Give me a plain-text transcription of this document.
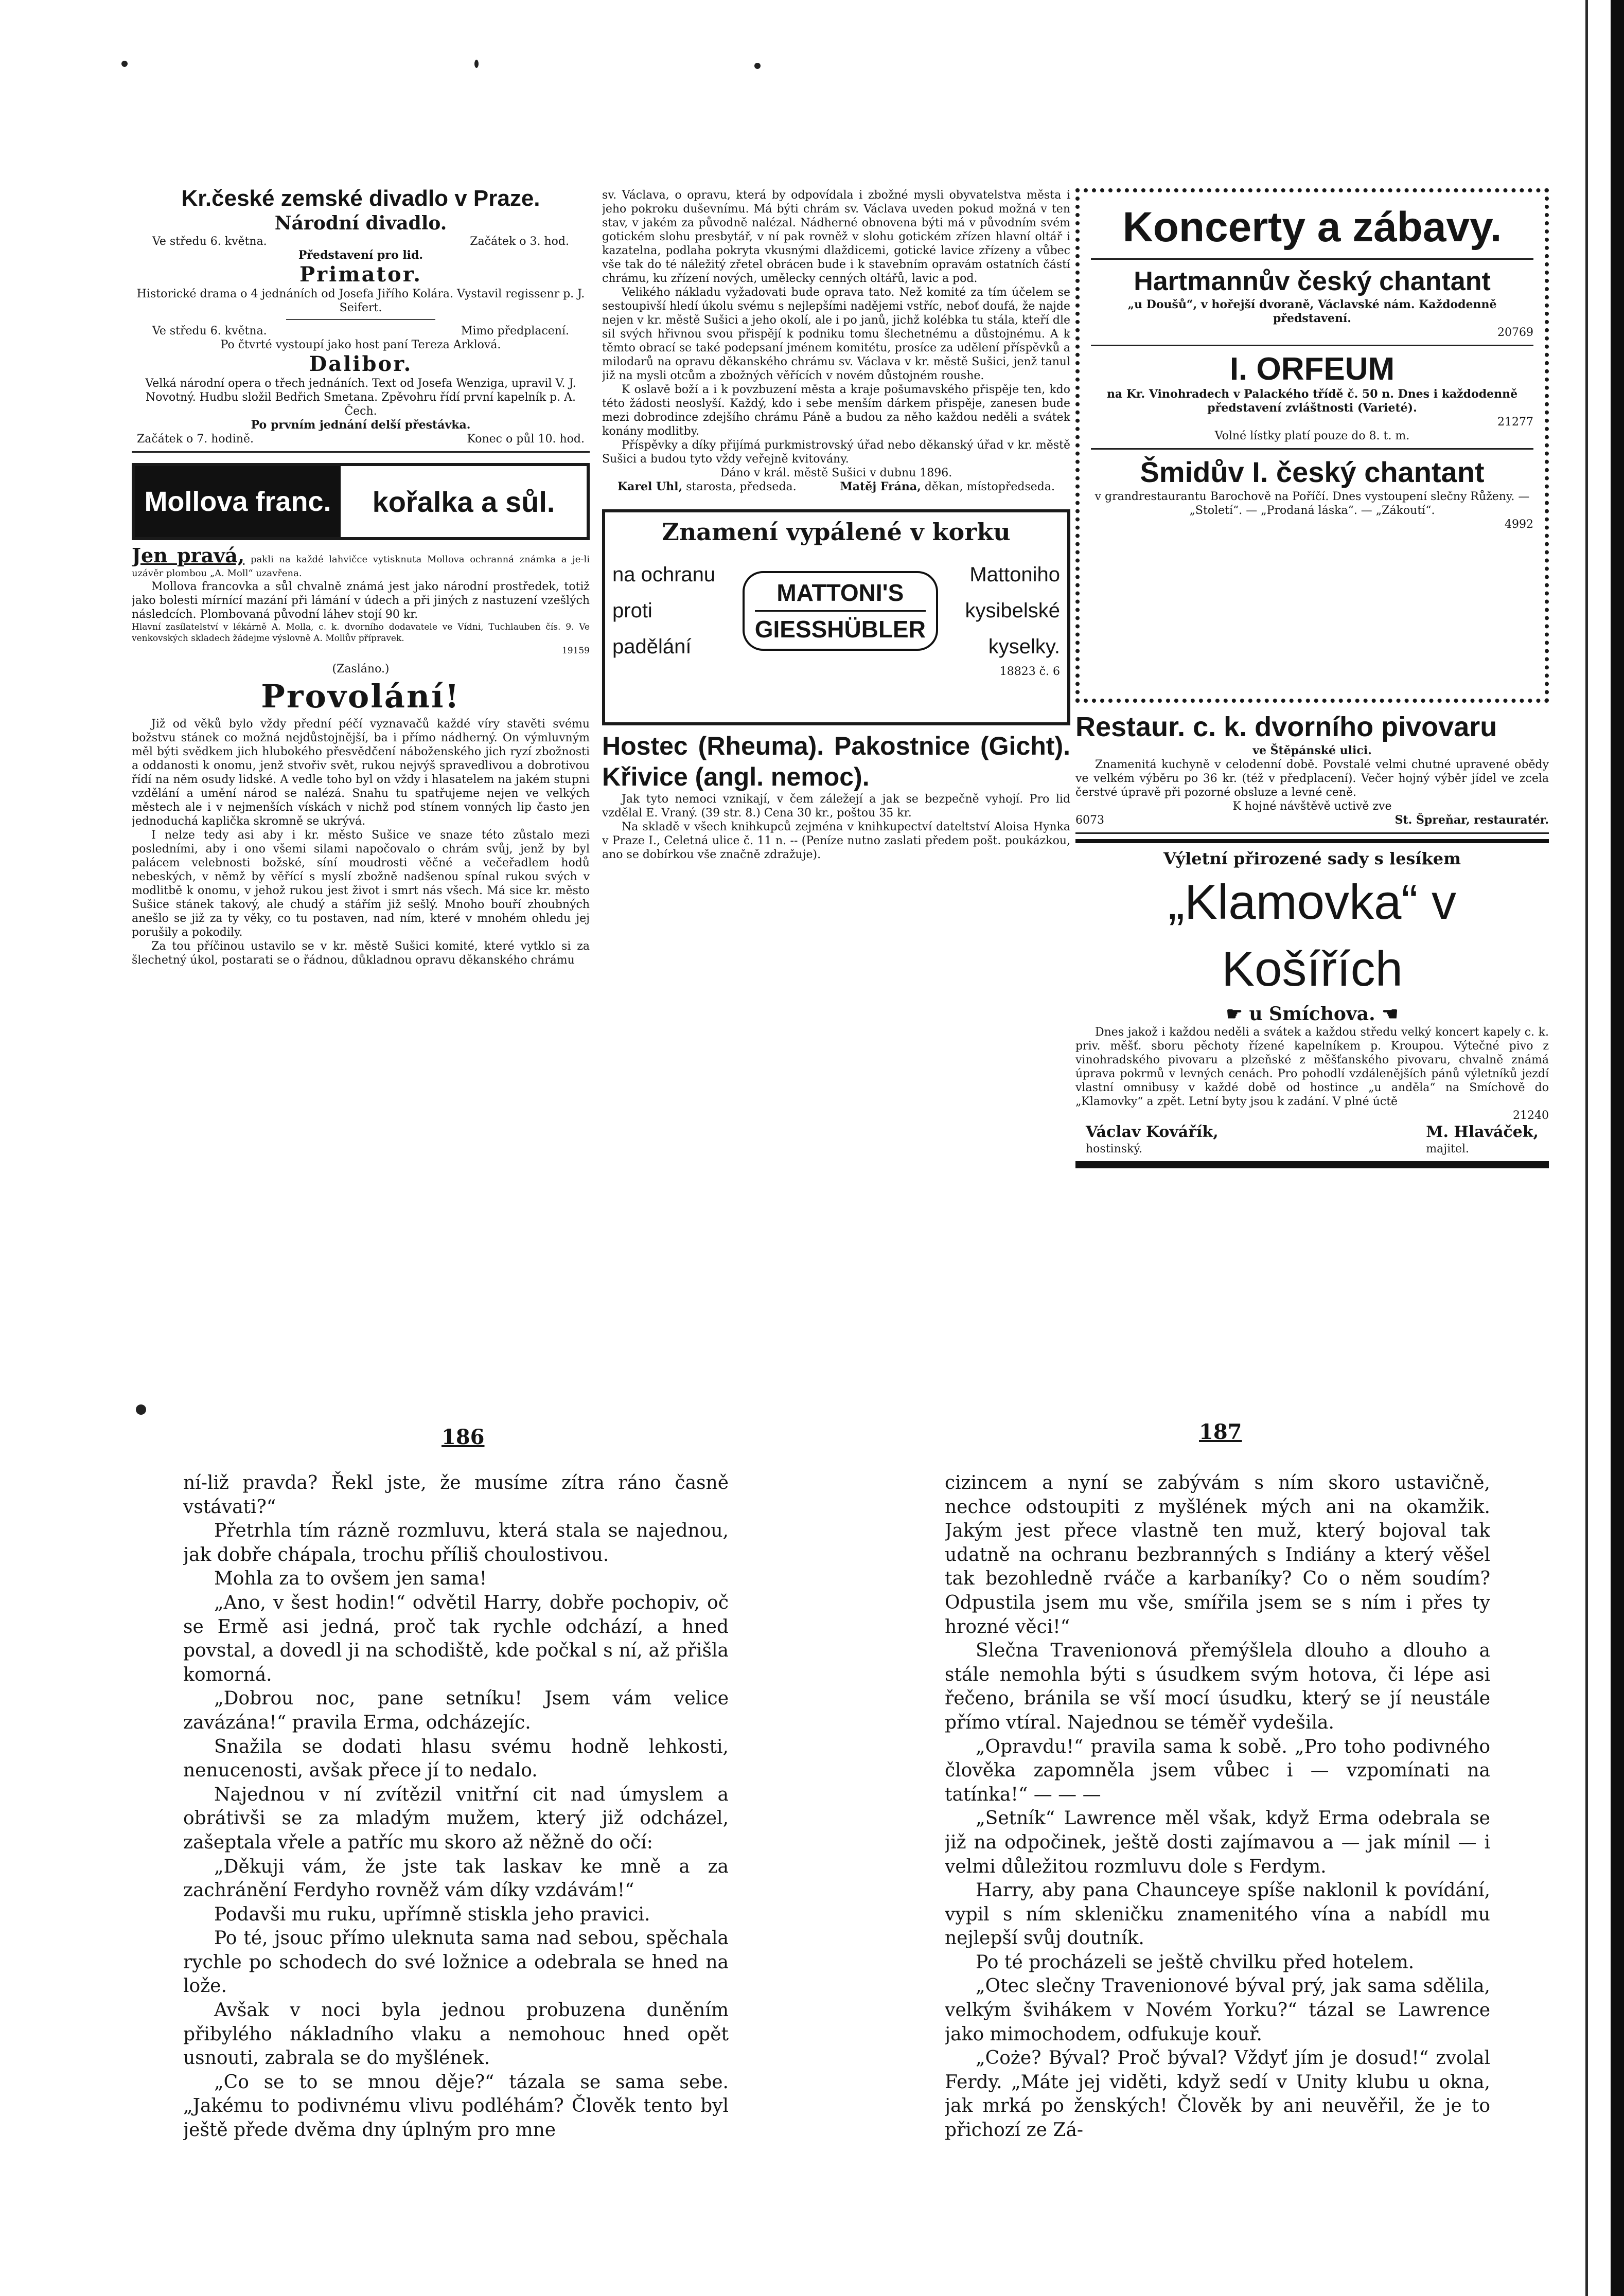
Kr.české zemské divadlo v Praze.
Národní divadlo.
Ve středu 6. května.	Začátek o 3. hod.
Představení pro lid.
Primator.
Historické drama o 4 jednáních od Josefa Jiřího Kolára. Vystavil regissenr p. J. Seifert.
Ve středu 6. května.	Mimo předplacení.
Po čtvrté vystoupí jako host paní Tereza Arklová.
Dalibor.
Velká národní opera o třech jednáních. Text od Josefa Wenziga, upravil V. J. Novotný. Hudbu složil Bedřich Smetana. Zpěvohru řídí první kapelník p. A. Čech.
Po prvním jednání delší přestávka.
Začátek o 7. hodině.	Konec o půl 10. hod.
Mollova franc.	kořalka a sůl.
Jen pravá, pakli na každé lahvičce vytisknuta Mollova ochranná známka a je-li uzávěr plombou „A. Moll“ uzavřena.

Mollova francovka a sůl chvalně známá jest jako národní prostředek, totiž jako bolesti mírnící mazání při lámání v údech a při jiných z nastuzení vzešlých následcích. Plombovaná původní láhev stojí 90 kr.

Hlavní zasílatelství v lékárně A. Molla, c. k. dvorního dodavatele ve Vídni, Tuchlauben čís. 9. Ve venkovských skladech žádejme výslovně A. Mollův přípravek.

19159
(Zasláno.)
Provolání!

Již od věků bylo vždy přední péčí vyznavačů každé víry stavěti svému božstvu stánek co možná nejdůstojnější, ba i přímo nádherný. On výmluvným měl býti svědkem jich hlubokého přesvědčení náboženského jich ryzí zbožnosti a oddanosti k onomu, jenž stvořiv svět, rukou nejvýš spravedlivou a dobrotivou řídí na něm osudy lidské. A vedle toho byl on vždy i hlasatelem na jakém stupni vzdělání a umění národ se nalézá. Snahu tu spatřujeme nejen ve velkých městech ale i v nejmenších vískách v nichž pod stínem vonných lip často jen jednoduchá kaplička skromně se ukrývá.

I nelze tedy asi aby i kr. město Sušice ve snaze této zůstalo mezi posledními, aby i ono všemi silami napočovalo o chrám svůj, jenž by byl palácem velebnosti božské, síní moudrosti věčné a večeřadlem hodů nebeských, v němž by věřící s myslí zbožně nadšenou spínal rukou svých v modlitbě k onomu, v jehož rukou jest život i smrt nás všech. Má sice kr. město Sušice stánek takový, ale chudý a stářím již sešlý. Mnoho bouří zhoubných anešlo se již za ty věky, co tu postaven, nad ním, které v mnohém ohledu jej porušily a pokodily.

Za tou příčinou ustavilo se v kr. městě Sušici komité, které vytklo si za šlechetný úkol, postarati se o řádnou, důkladnou opravu děkanského chrámu

sv. Václava, o opravu, která by odpovídala i zbožné mysli obyvatelstva města i jeho pokroku duševnímu. Má býti chrám sv. Václava uveden pokud možná v ten stav, v jakém za původně nalézal. Nádherné obnovena býti má v původním svém gotickém slohu presbytář, v ní pak rovněž v slohu gotickém zřízen hlavní oltář i kazatelna, podlaha pokryta vkusnými dlaždicemi, gotické lavice zřízeny a vůbec vše tak do té náležitý zřetel obrácen bude i k stavebním opravám ostatních částí chrámu, ku zřízení nových, umělecky cenných oltářů, lavic a pod.

Velikého nákladu vyžadovati bude oprava tato. Než komité za tím účelem se sestoupivší hledí úkolu svému s nejlepšími nadějemi vstříc, neboť doufá, že najde nejen v kr. městě Sušici a jeho okolí, ale i po janů, jichž kolébka tu stála, kteří dle sil svých hřivnou svou přispějí k podniku tomu šlechetnému a důstojnému. A k těmto obrací se také podepsaní jménem komitétu, prosíce za udělení příspěvků a milodarů na opravu děkanského chrámu sv. Václava v kr. městě Sušici, jenž tanul již na mysli otcům a zbožných věřících v novém důstojném roushe.

K oslavě boží a i k povzbuzení města a kraje pošumavského přispěje ten, kdo této žádosti neoslyší. Každý, kdo i sebe menším dárkem přispěje, zanesen bude mezi dobrodince zdejšího chrámu Páně a budou za něho každou neděli a svátek konány modlitby.

Příspěvky a díky přijímá purkmistrovský úřad nebo děkanský úřad v kr. městě Sušici a budou tyto vždy veřejně kvitovány.

Dáno v král. městě Sušici v dubnu 1896.

Karel Uhl, starosta, předseda.	Matěj Frána, děkan, místopředseda.
Znamení vypálené v korku
na ochranu
proti
padělání
MATTONI'S
GIESSHÜBLER
Mattoniho
kysibelské
kyselky.
18823 č. 6
Hostec (Rheuma). Pakostnice (Gicht). Křivice (angl. nemoc).

Jak tyto nemoci vznikají, v čem záležejí a jak se bezpečně vyhojí. Pro lid vzdělal E. Vraný. (39 str. 8.) Cena 30 kr., poštou 35 kr.

Na skladě v všech knihkupců zejména v knihkupectví dateltství Aloisa Hynka v Praze I., Celetná ulice č. 11 n. -- (Peníze nutno zaslati předem pošt. poukázkou, ano se dobírkou vše značně zdražuje).

Koncerty a zábavy.
Hartmannův český chantant

„u Doušů“, v hořejší dvoraně, Václavské nám. Každodenně představení.

20769
I. ORFEUM

na Kr. Vinohradech v Palackého třídě č. 50 n. Dnes i každodenně představení zvláštnosti (Varieté).

21277

Volné lístky platí pouze do 8. t. m.

Šmidův I. český chantant

v grandrestaurantu Barochově na Poříčí. Dnes vystoupení slečny Růženy. — „Století“. — „Prodaná láska“. — „Zákoutí“.

4992
Restaur. c. k. dvorního pivovaru
ve Štěpánské ulici.

Znamenitá kuchyně v celodenní době. Povstalé velmi chutné upravené obědy ve velkém výběru po 36 kr. (též v předplacení). Večer hojný výběr jídel ve zcela čerstvé úpravě při pozorné obsluze a levné ceně.

K hojné návštěvě uctivě zve

6073	St. Špreňar, restauratér.
Výletní přirozené sady s lesíkem
„Klamovka“ v Košířích
☛ u Smíchova. ☚

Dnes jakož i každou neděli a svátek a každou středu velký koncert kapely c. k. priv. měšť. sboru pěchoty řízené kapelníkem p. Kroupou. Výtečné pivo z vinohradského pivovaru a plzeňské z měšťanského pivovaru, chvalně známá úprava pokrmů v levných cenách. Pro pohodlí vzdálenějších pánů výletníků jezdí vlastní omnibusy v každé době od hostince „u anděla“ na Smíchově do „Klamovky“ a zpět. Letní byty jsou k zadání. V plné úctě

21240
Václav Kovářík,
hostinský.
M. Hlaváček,
majitel.
186	187

ní-liž pravda? Řekl jste, že musíme zítra ráno časně vstávati?“

Přetrhla tím rázně rozmluvu, která stala se najednou, jak dobře chápala, trochu příliš choulostivou.

Mohla za to ovšem jen sama!

„Ano, v šest hodin!“ odvětil Harry, dobře pochopiv, oč se Ermě asi jedná, proč tak rychle odchází, a hned povstal, a dovedl ji na schodiště, kde počkal s ní, až přišla komorná.

„Dobrou noc, pane setníku! Jsem vám velice zavázána!“ pravila Erma, odcházejíc.

Snažila se dodati hlasu svému hodně lehkosti, nenucenosti, avšak přece jí to nedalo.

Najednou v ní zvítězil vnitřní cit nad úmyslem a obrátivši se za mladým mužem, který již odcházel, zašeptala vřele a patříc mu skoro až něžně do očí:

„Děkuji vám, že jste tak laskav ke mně a za zachránění Ferdyho rovněž vám díky vzdávám!“

Podavši mu ruku, upřímně stiskla jeho pravici.

Po té, jsouc přímo uleknuta sama nad sebou, spěchala rychle po schodech do své ložnice a odebrala se hned na lože.

Avšak v noci byla jednou probuzena duněním přibylého nákladního vlaku a nemohouc hned opět usnouti, zabrala se do myšlének.

„Co se to se mnou děje?“ tázala se sama sebe. „Jakému to podivnému vlivu podléhám? Člověk tento byl ještě předе dvěma dny úplným pro mne

cizincem a nyní se zabývám s ním skoro ustavičně, nechce odstoupiti z myšlének mých ani na okamžik. Jakým jest přece vlastně ten muž, který bojoval tak udatně na ochranu bezbranných s Indiány a který věšel tak bezohledně rváče a karbaníky? Co o něm soudím? Odpustila jsem mu vše, smířila jsem se s ním i přes ty hrozné věci!“

Slečna Travenionová přemýšlela dlouho a dlouho a stále nemohla býti s úsudkem svým hotova, či lépe asi řečeno, bránila se vší mocí úsudku, který se jí neustále přímo vtíral. Najednou se téměř vydešila.

„Opravdu!“ pravila sama k sobě. „Pro toho podivného člověka zapomněla jsem vůbec i — vzpomínati na tatínka!“ — — —

„Setník“ Lawrence měl však, když Erma odebrala se již na odpočinek, ještě dosti zajímavou a — jak mínil — i velmi důležitou rozmluvu dole s Ferdym.

Harry, aby pana Chaunceye spíše naklonil k povídání, vypil s ním skleničku znamenitého vína a nabídl mu nejlepší svůj doutník.

Po té procházeli se ještě chvilku před hotelem.

„Otec slečny Travenionové býval prý, jak sama sdělila, velkým švihákem v Novém Yorku?“ tázal se Lawrence jako mimochodem, odfukuje kouř.

„Coże? Býval? Proč býval? Vždyť jím je dosud!“ zvolal Ferdy. „Máte jej viděti, když sedí v Unity klubu u okna, jak mrká po ženských! Člověk by ani neuvěřil, že je to přichozí ze Zá-
